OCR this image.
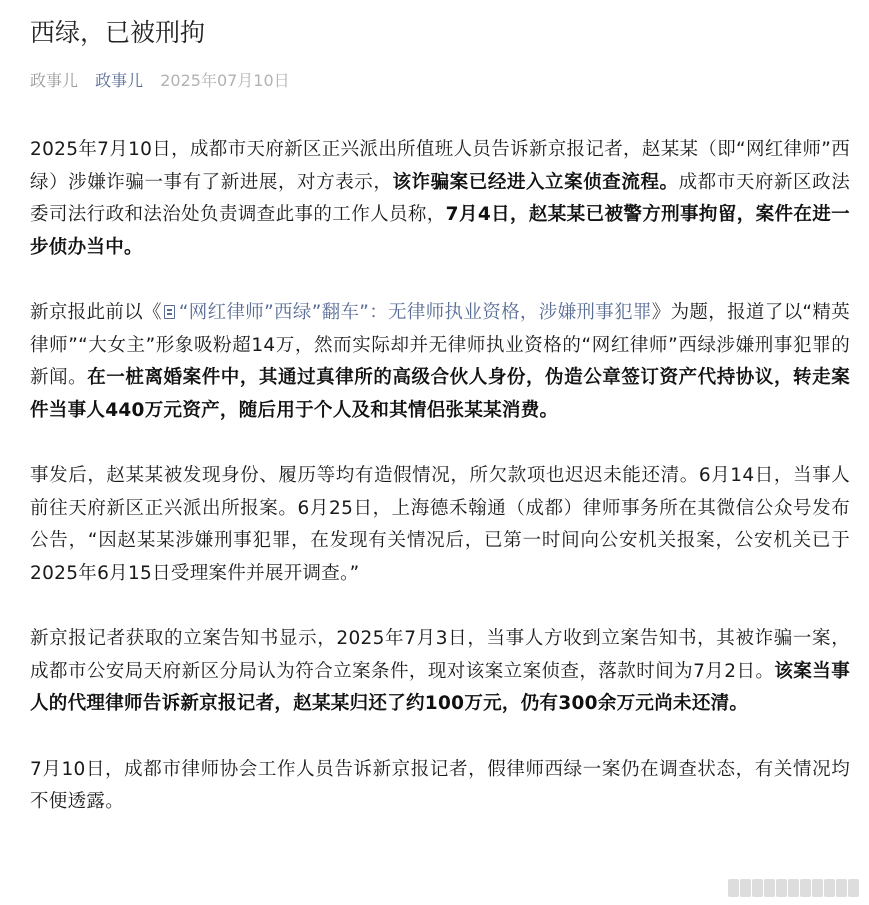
西绿，已被刑拘
政事儿 政事儿 2025年07月10日

2025年7月10日，成都市天府新区正兴派出所值班人员告诉新京报记者，赵某某（即“网红律师”西绿）涉嫌诈骗一事有了新进展，对方表示，该诈骗案已经进入立案侦查流程。成都市天府新区政法委司法行政和法治处负责调查此事的工作人员称，7月4日，赵某某已被警方刑事拘留，案件在进一步侦办当中。

新京报此前以《 “网红律师”西绿”翻车”：无律师执业资格，涉嫌刑事犯罪》为题，报道了以“精英律师”“大女主”形象吸粉超14万，然而实际却并无律师执业资格的“网红律师”西绿涉嫌刑事犯罪的新闻。在一桩离婚案件中，其通过真律所的高级合伙人身份，伪造公章签订资产代持协议，转走案件当事人440万元资产，随后用于个人及和其情侣张某某消费。

事发后，赵某某被发现身份、履历等均有造假情况，所欠款项也迟迟未能还清。6月14日，当事人前往天府新区正兴派出所报案。6月25日，上海德禾翰通（成都）律师事务所在其微信公众号发布公告，“因赵某某涉嫌刑事犯罪，在发现有关情况后，已第一时间向公安机关报案，公安机关已于2025年6月15日受理案件并展开调查。”

新京报记者获取的立案告知书显示，2025年7月3日，当事人方收到立案告知书，其被诈骗一案，成都市公安局天府新区分局认为符合立案条件，现对该案立案侦查，落款时间为7月2日。该案当事人的代理律师告诉新京报记者，赵某某归还了约100万元，仍有300余万元尚未还清。

7月10日，成都市律师协会工作人员告诉新京报记者，假律师西绿一案仍在调查状态，有关情况均不便透露。
